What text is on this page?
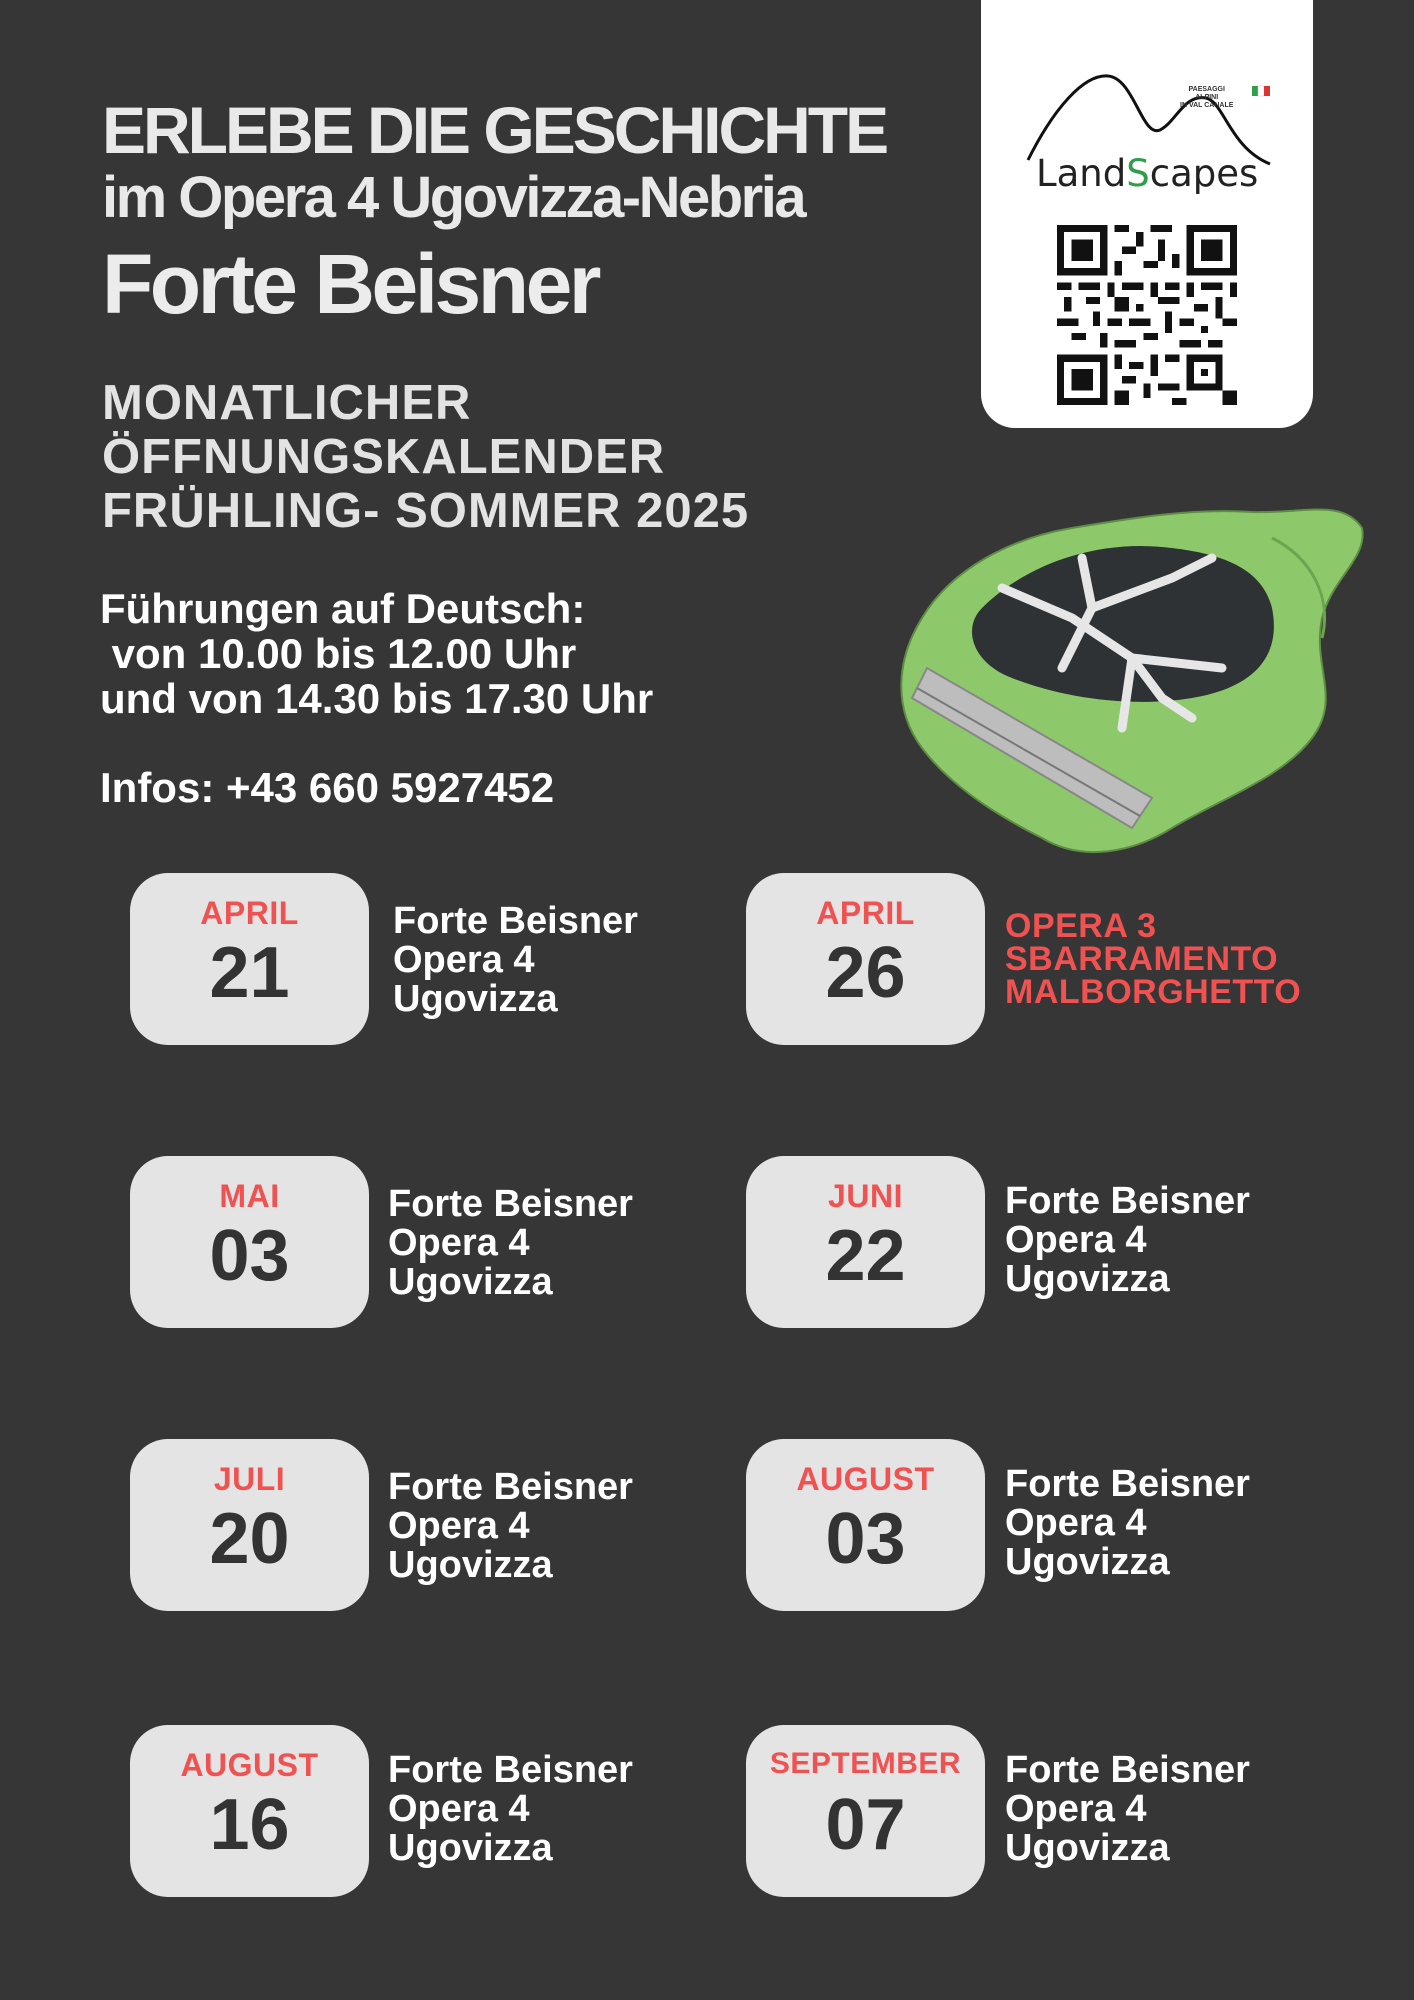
ERLEBE DIE GESCHICHTE
im Opera 4 Ugovizza-Nebria
Forte Beisner
MONATLICHER
ÖFFNUNGSKALENDER
FRÜHLING- SOMMER 2025
Führungen auf Deutsch:
von 10.00 bis 12.00 Uhr
und von 14.30 bis 17.30 Uhr
Infos: +43 660 5927452
PAESAGGI
ALPINI
IN VAL CANALE
LandScapes
APRIL
21
Forte Beisner
Opera 4
Ugovizza
APRIL
26
OPERA 3
SBARRAMENTO
MALBORGHETTO
MAI
03
Forte Beisner
Opera 4
Ugovizza
JUNI
22
Forte Beisner
Opera 4
Ugovizza
JULI
20
Forte Beisner
Opera 4
Ugovizza
AUGUST
03
Forte Beisner
Opera 4
Ugovizza
AUGUST
16
Forte Beisner
Opera 4
Ugovizza
SEPTEMBER
07
Forte Beisner
Opera 4
Ugovizza
